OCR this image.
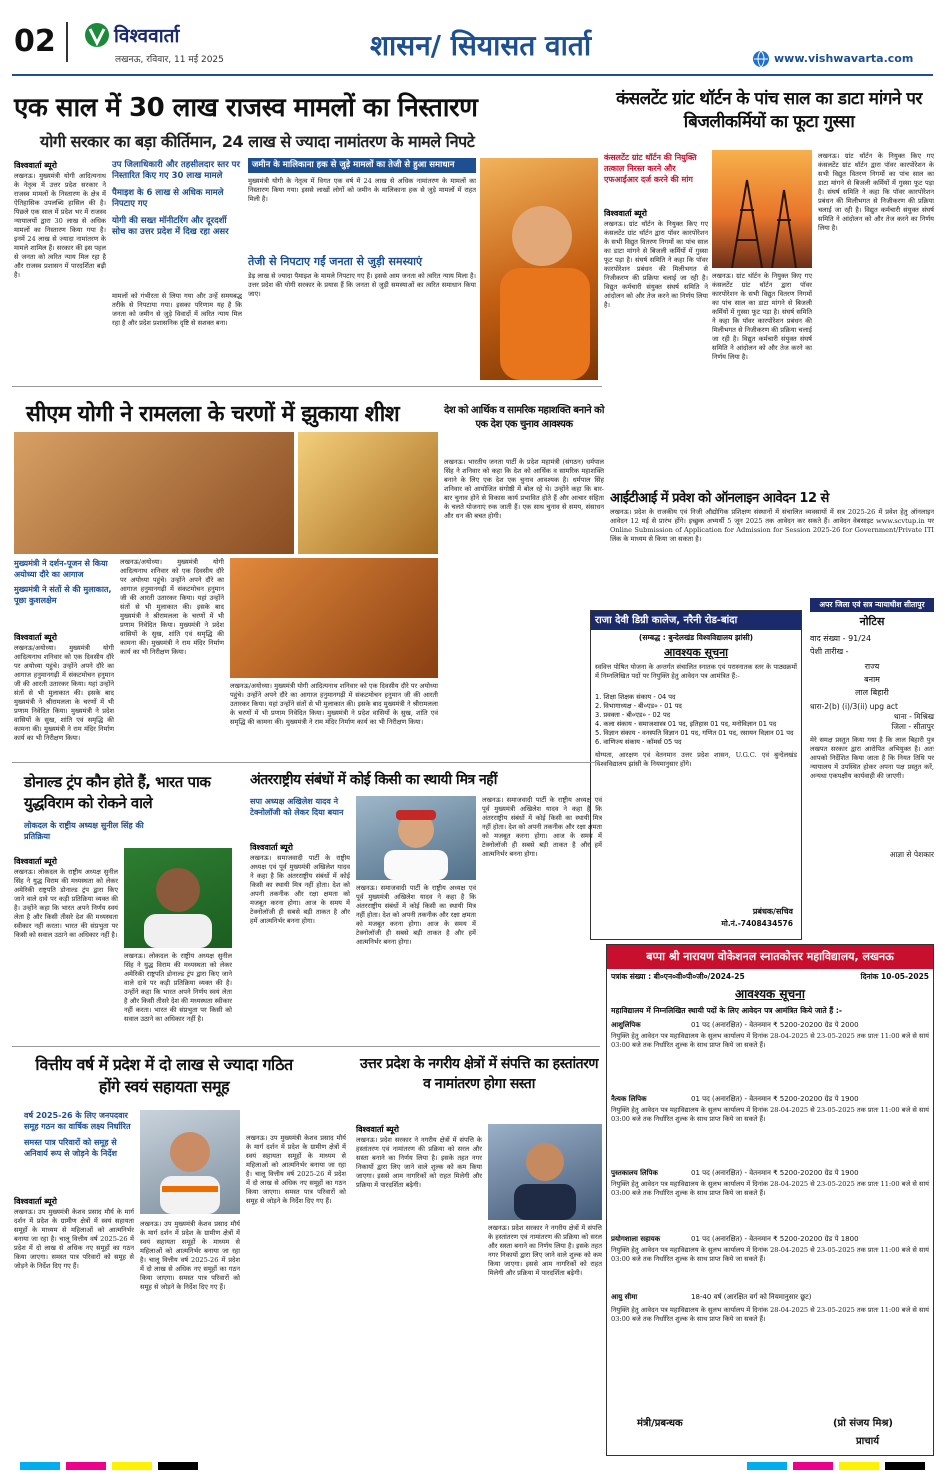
02	विश्ववार्ता
लखनऊ, रविवार, 11 मई 2025	शासन/ सियासत वार्ता	www.vishwavarta.com
एक साल में 30 लाख राजस्व मामलों का निस्तारण
योगी सरकार का बड़ा कीर्तिमान, 24 लाख से ज्यादा नामांतरण के मामले निपटे
विश्ववार्ता ब्यूरो
लखनऊ। मुख्यमंत्री योगी आदित्यनाथ के नेतृत्व में उत्तर प्रदेश सरकार ने राजस्व मामलों के निस्तारण के क्षेत्र में ऐतिहासिक उपलब्धि हासिल की है। पिछले एक साल में प्रदेश भर में राजस्व न्यायालयों द्वारा 30 लाख से अधिक मामलों का निस्तारण किया गया है। इनमें 24 लाख से ज्यादा नामांतरण के मामले शामिल हैं। सरकार की इस पहल से जनता को त्वरित न्याय मिल रहा है और राजस्व प्रशासन में पारदर्शिता बढ़ी है।
उप जिलाधिकारी और तहसीलदार स्तर पर निस्तारित किए गए 30 लाख मामले
पैमाइश के 6 लाख से अधिक मामले निपटाए गए
योगी की सख्त मॉनीटरिंग और दूरदर्शी सोच का उत्तर प्रदेश में दिख रहा असर
मामलों को गंभीरता से लिया गया और उन्हें समयबद्ध तरीके से निपटाया गया। इसका परिणाम यह है कि जनता को जमीन से जुड़े विवादों में त्वरित न्याय मिल रहा है और प्रदेश प्रशासनिक दृष्टि से सशक्त बना।
जमीन के मालिकाना हक से जुड़े मामलों का तेजी से हुआ समाधान
मुख्यमंत्री योगी के नेतृत्व में विगत एक वर्ष में 24 लाख से अधिक नामांतरण के मामलों का निस्तारण किया गया। इससे लाखों लोगों को जमीन के मालिकाना हक से जुड़े मामलों में राहत मिली है।
तेजी से निपटाए गईं जनता से जुड़ी समस्याएं
डेढ़ लाख से ज्यादा पैमाइश के मामले निपटाए गए हैं। इससे आम जनता को त्वरित न्याय मिला है। उत्तर प्रदेश की योगी सरकार के प्रयास हैं कि जनता से जुड़ी समस्याओं का त्वरित समाधान किया जाए।
कंसलटेंट ग्रांट थॉर्टन के पांच साल का डाटा मांगने पर बिजलीकर्मियों का फूटा गुस्सा
कंसलटेंट ग्रांट थॉर्टन की नियुक्ति तत्काल निरस्त करने और एफआईआर दर्ज करने की मांग
विश्ववार्ता ब्यूरो
लखनऊ। ग्रांट थॉर्टन के नियुक्त किए गए कंसलटेंट ग्रांट थॉर्टन द्वारा पॉवर कारपोरेशन के सभी विद्युत वितरण निगमों का पांच साल का डाटा मांगने से बिजली कर्मियों में गुस्सा फूट पड़ा है। संघर्ष समिति ने कहा कि पॉवर कारपोरेशन प्रबंधन की मिलीभगत से निजीकरण की प्रक्रिया चलाई जा रही है। विद्युत कर्मचारी संयुक्त संघर्ष समिति ने आंदोलन को और तेज करने का निर्णय लिया है।
लखनऊ। ग्रांट थॉर्टन के नियुक्त किए गए कंसलटेंट ग्रांट थॉर्टन द्वारा पॉवर कारपोरेशन के सभी विद्युत वितरण निगमों का पांच साल का डाटा मांगने से बिजली कर्मियों में गुस्सा फूट पड़ा है। संघर्ष समिति ने कहा कि पॉवर कारपोरेशन प्रबंधन की मिलीभगत से निजीकरण की प्रक्रिया चलाई जा रही है। विद्युत कर्मचारी संयुक्त संघर्ष समिति ने आंदोलन को और तेज करने का निर्णय लिया है।
लखनऊ। ग्रांट थॉर्टन के नियुक्त किए गए कंसलटेंट ग्रांट थॉर्टन द्वारा पॉवर कारपोरेशन के सभी विद्युत वितरण निगमों का पांच साल का डाटा मांगने से बिजली कर्मियों में गुस्सा फूट पड़ा है। संघर्ष समिति ने कहा कि पॉवर कारपोरेशन प्रबंधन की मिलीभगत से निजीकरण की प्रक्रिया चलाई जा रही है। विद्युत कर्मचारी संयुक्त संघर्ष समिति ने आंदोलन को और तेज करने का निर्णय लिया है।
सीएम योगी ने रामलला के चरणों में झुकाया शीश
मुख्यमंत्री ने दर्शन-पूजन से किया अयोध्या दौरे का आगाज
मुख्यमंत्री ने संतों से की मुलाकात, पूछा कुशलक्षेम
विश्ववार्ता ब्यूरो
लखनऊ/अयोध्या। मुख्यमंत्री योगी आदित्यनाथ शनिवार को एक दिवसीय दौरे पर अयोध्या पहुंचे। उन्होंने अपने दौरे का आगाज हनुमानगढ़ी में संकटमोचन हनुमान जी की आरती उतारकर किया। यहां उन्होंने संतों से भी मुलाकात की। इसके बाद मुख्यमंत्री ने श्रीरामलला के चरणों में भी प्रणाम निवेदित किया। मुख्यमंत्री ने प्रदेश वासियों के सुख, शांति एवं समृद्धि की कामना की। मुख्यमंत्री ने राम मंदिर निर्माण कार्य का भी निरीक्षण किया।
लखनऊ/अयोध्या। मुख्यमंत्री योगी आदित्यनाथ शनिवार को एक दिवसीय दौरे पर अयोध्या पहुंचे। उन्होंने अपने दौरे का आगाज हनुमानगढ़ी में संकटमोचन हनुमान जी की आरती उतारकर किया। यहां उन्होंने संतों से भी मुलाकात की। इसके बाद मुख्यमंत्री ने श्रीरामलला के चरणों में भी प्रणाम निवेदित किया। मुख्यमंत्री ने प्रदेश वासियों के सुख, शांति एवं समृद्धि की कामना की। मुख्यमंत्री ने राम मंदिर निर्माण कार्य का भी निरीक्षण किया।
लखनऊ/अयोध्या। मुख्यमंत्री योगी आदित्यनाथ शनिवार को एक दिवसीय दौरे पर अयोध्या पहुंचे। उन्होंने अपने दौरे का आगाज हनुमानगढ़ी में संकटमोचन हनुमान जी की आरती उतारकर किया। यहां उन्होंने संतों से भी मुलाकात की। इसके बाद मुख्यमंत्री ने श्रीरामलला के चरणों में भी प्रणाम निवेदित किया। मुख्यमंत्री ने प्रदेश वासियों के सुख, शांति एवं समृद्धि की कामना की। मुख्यमंत्री ने राम मंदिर निर्माण कार्य का भी निरीक्षण किया।
देश को आर्थिक व सामरिक महाशक्ति बनाने को एक देश एक चुनाव आवश्यक
लखनऊ। भारतीय जनता पार्टी के प्रदेश महामंत्री (संगठन) धर्मपाल सिंह ने शनिवार को कहा कि देश को आर्थिक व सामरिक महाशक्ति बनाने के लिए एक देश एक चुनाव आवश्यक है। धर्मपाल सिंह शनिवार को आयोजित संगोष्ठी में बोल रहे थे। उन्होंने कहा कि बार-बार चुनाव होने से विकास कार्य प्रभावित होते हैं और आचार संहिता के चलते योजनाएं रुक जाती हैं। एक साथ चुनाव से समय, संसाधन और धन की बचत होगी।
आईटीआई में प्रवेश को ऑनलाइन आवेदन 12 से
लखनऊ। प्रदेश के राजकीय एवं निजी औद्योगिक प्रशिक्षण संस्थानों में संचालित व्यवसायों में सत्र 2025-26 में प्रवेश हेतु ऑनलाइन आवेदन 12 मई से प्रारंभ होंगे। इच्छुक अभ्यर्थी 5 जून 2025 तक आवेदन कर सकते हैं। आवेदन वेबसाइट www.scvtup.in पर Online Submission of Application for Admission for Session 2025-26 for Government/Private ITI लिंक के माध्यम से किया जा सकता है।
अपर जिला एवं सत्र न्यायाधीश सीतापुर
नोटिस
वाद संख्या - 91/24
पेशी तारीख -
राज्य
बनाम
लाल बिहारी
धारा-2(b) (i)/3(ii) upg act
थाना - मिश्रिख
जिला - सीतापुर
मेरे समक्ष प्रस्तुत किया गया है कि लाल बिहारी पुत्र लखपत सरकार द्वारा आरोपित अभियुक्त है। अतः आपको निर्देशित किया जाता है कि नियत तिथि पर न्यायालय में उपस्थित होकर अपना पक्ष प्रस्तुत करें, अन्यथा एकपक्षीय कार्यवाही की जाएगी।
आज्ञा से पेशकार
राजा देवी डिग्री कालेज, नरैनी रोड-बांदा
(सम्बद्ध : बुन्देलखंड विश्वविद्यालय झांसी)
आवश्यक सूचना
स्ववित्त पोषित योजना के अन्तर्गत संचालित स्नातक एवं परास्नातक स्तर के पाठ्यक्रमों में निम्नलिखित पदों पर नियुक्ति हेतु आवेदन पत्र आमंत्रित हैं:-
1. शिक्षा शिक्षक संकाय - 04 पद
2. विभागाध्यक्ष - बी०एड० - 01 पद
3. प्रवक्ता - बी०एड० - 02 पद
4. कला संकाय - समाजशास्त्र 01 पद, इतिहास 01 पद, मनोविज्ञान 01 पद
5. विज्ञान संकाय - वनस्पति विज्ञान 01 पद, गणित 01 पद, रसायन विज्ञान 01 पद
6. वाणिज्य संकाय - कॉमर्स 05 पद
योग्यता, आरक्षण एवं वेतनमान उत्तर प्रदेश शासन, U.G.C. एवं बुन्देलखंड विश्वविद्यालय झांसी के नियमानुसार होंगे।
प्रबंधक/सचिव
मो.नं.-7408434576
डोनाल्ड ट्रंप कौन होते हैं, भारत पाक युद्धविराम को रोकने वाले
लोकदल के राष्ट्रीय अध्यक्ष सुनील सिंह की प्रतिक्रिया
विश्ववार्ता ब्यूरो
लखनऊ। लोकदल के राष्ट्रीय अध्यक्ष सुनील सिंह ने युद्ध विराम की मध्यस्थता को लेकर अमेरिकी राष्ट्रपति डोनाल्ड ट्रंप द्वारा किए जाने वाले दावे पर कड़ी प्रतिक्रिया व्यक्त की है। उन्होंने कहा कि भारत अपने निर्णय स्वयं लेता है और किसी तीसरे देश की मध्यस्थता स्वीकार नहीं करता। भारत की संप्रभुता पर किसी को सवाल उठाने का अधिकार नहीं है।
लखनऊ। लोकदल के राष्ट्रीय अध्यक्ष सुनील सिंह ने युद्ध विराम की मध्यस्थता को लेकर अमेरिकी राष्ट्रपति डोनाल्ड ट्रंप द्वारा किए जाने वाले दावे पर कड़ी प्रतिक्रिया व्यक्त की है। उन्होंने कहा कि भारत अपने निर्णय स्वयं लेता है और किसी तीसरे देश की मध्यस्थता स्वीकार नहीं करता। भारत की संप्रभुता पर किसी को सवाल उठाने का अधिकार नहीं है।
अंतरराष्ट्रीय संबंधों में कोई किसी का स्थायी मित्र नहीं
सपा अध्यक्ष अखिलेश यादव ने टेक्नोलॉजी को लेकर दिया बयान
विश्ववार्ता ब्यूरो
लखनऊ। समाजवादी पार्टी के राष्ट्रीय अध्यक्ष एवं पूर्व मुख्यमंत्री अखिलेश यादव ने कहा है कि अंतरराष्ट्रीय संबंधों में कोई किसी का स्थायी मित्र नहीं होता। देश को अपनी तकनीक और रक्षा क्षमता को मजबूत करना होगा। आज के समय में टेक्नोलॉजी ही सबसे बड़ी ताकत है और हमें आत्मनिर्भर बनना होगा।
लखनऊ। समाजवादी पार्टी के राष्ट्रीय अध्यक्ष एवं पूर्व मुख्यमंत्री अखिलेश यादव ने कहा है कि अंतरराष्ट्रीय संबंधों में कोई किसी का स्थायी मित्र नहीं होता। देश को अपनी तकनीक और रक्षा क्षमता को मजबूत करना होगा। आज के समय में टेक्नोलॉजी ही सबसे बड़ी ताकत है और हमें आत्मनिर्भर बनना होगा।
लखनऊ। समाजवादी पार्टी के राष्ट्रीय अध्यक्ष एवं पूर्व मुख्यमंत्री अखिलेश यादव ने कहा है कि अंतरराष्ट्रीय संबंधों में कोई किसी का स्थायी मित्र नहीं होता। देश को अपनी तकनीक और रक्षा क्षमता को मजबूत करना होगा। आज के समय में टेक्नोलॉजी ही सबसे बड़ी ताकत है और हमें आत्मनिर्भर बनना होगा।
वित्तीय वर्ष में प्रदेश में दो लाख से ज्यादा गठित होंगे स्वयं सहायता समूह
वर्ष 2025-26 के लिए जनपदवार समूह गठन का वार्षिक लक्ष्य निर्धारित
समस्त पात्र परिवारों को समूह से अनिवार्य रूप से जोड़ने के निर्देश
विश्ववार्ता ब्यूरो
लखनऊ। उप मुख्यमंत्री केशव प्रसाद मौर्य के मार्ग दर्शन में प्रदेश के ग्रामीण क्षेत्रों में स्वयं सहायता समूहों के माध्यम से महिलाओं को आत्मनिर्भर बनाया जा रहा है। चालू वित्तीय वर्ष 2025-26 में प्रदेश में दो लाख से अधिक नए समूहों का गठन किया जाएगा। समस्त पात्र परिवारों को समूह से जोड़ने के निर्देश दिए गए हैं।
लखनऊ। उप मुख्यमंत्री केशव प्रसाद मौर्य के मार्ग दर्शन में प्रदेश के ग्रामीण क्षेत्रों में स्वयं सहायता समूहों के माध्यम से महिलाओं को आत्मनिर्भर बनाया जा रहा है। चालू वित्तीय वर्ष 2025-26 में प्रदेश में दो लाख से अधिक नए समूहों का गठन किया जाएगा। समस्त पात्र परिवारों को समूह से जोड़ने के निर्देश दिए गए हैं।
लखनऊ। उप मुख्यमंत्री केशव प्रसाद मौर्य के मार्ग दर्शन में प्रदेश के ग्रामीण क्षेत्रों में स्वयं सहायता समूहों के माध्यम से महिलाओं को आत्मनिर्भर बनाया जा रहा है। चालू वित्तीय वर्ष 2025-26 में प्रदेश में दो लाख से अधिक नए समूहों का गठन किया जाएगा। समस्त पात्र परिवारों को समूह से जोड़ने के निर्देश दिए गए हैं।
उत्तर प्रदेश के नगरीय क्षेत्रों में संपत्ति का हस्तांतरण व नामांतरण होगा सस्ता
विश्ववार्ता ब्यूरो
लखनऊ। प्रदेश सरकार ने नगरीय क्षेत्रों में संपत्ति के हस्तांतरण एवं नामांतरण की प्रक्रिया को सरल और सस्ता बनाने का निर्णय लिया है। इसके तहत नगर निकायों द्वारा लिए जाने वाले शुल्क को कम किया जाएगा। इससे आम नागरिकों को राहत मिलेगी और प्रक्रिया में पारदर्शिता बढ़ेगी।
लखनऊ। प्रदेश सरकार ने नगरीय क्षेत्रों में संपत्ति के हस्तांतरण एवं नामांतरण की प्रक्रिया को सरल और सस्ता बनाने का निर्णय लिया है। इसके तहत नगर निकायों द्वारा लिए जाने वाले शुल्क को कम किया जाएगा। इससे आम नागरिकों को राहत मिलेगी और प्रक्रिया में पारदर्शिता बढ़ेगी।
बप्पा श्री नारायण वोकेशनल स्नातकोत्तर महाविद्यालय, लखनऊ
पत्रांक संख्या : बी०एन०वी०पी०जी०/2024-25	दिनांक 10-05-2025
आवश्यक सूचना
महाविद्यालय में निम्नलिखित स्थायी पदों के लिए आवेदन पत्र आमंत्रित किये जाते हैं :-
आशुलिपिक	01 पद (अनारक्षित) - वेतनमान ₹ 5200-20200 ग्रेड पे 2000
नियुक्ति हेतु आवेदन पत्र महाविद्यालय के सुलभ कार्यालय में दिनांक 28-04-2025 से 23-05-2025 तक प्रातः 11:00 बजे से सायं 03:00 बजे तक निर्धारित शुल्क के साथ प्राप्त किये जा सकते हैं।
नैत्यक लिपिक	01 पद (अनारक्षित) - वेतनमान ₹ 5200-20200 ग्रेड पे 1900
नियुक्ति हेतु आवेदन पत्र महाविद्यालय के सुलभ कार्यालय में दिनांक 28-04-2025 से 23-05-2025 तक प्रातः 11:00 बजे से सायं 03:00 बजे तक निर्धारित शुल्क के साथ प्राप्त किये जा सकते हैं।
पुस्तकालय लिपिक	01 पद (अनारक्षित) - वेतनमान ₹ 5200-20200 ग्रेड पे 1900
नियुक्ति हेतु आवेदन पत्र महाविद्यालय के सुलभ कार्यालय में दिनांक 28-04-2025 से 23-05-2025 तक प्रातः 11:00 बजे से सायं 03:00 बजे तक निर्धारित शुल्क के साथ प्राप्त किये जा सकते हैं।
प्रयोगशाला सहायक	01 पद (अनारक्षित) - वेतनमान ₹ 5200-20200 ग्रेड पे 1800
नियुक्ति हेतु आवेदन पत्र महाविद्यालय के सुलभ कार्यालय में दिनांक 28-04-2025 से 23-05-2025 तक प्रातः 11:00 बजे से सायं 03:00 बजे तक निर्धारित शुल्क के साथ प्राप्त किये जा सकते हैं।
आयु सीमा	18-40 वर्ष (आरक्षित वर्ग को नियमानुसार छूट)
नियुक्ति हेतु आवेदन पत्र महाविद्यालय के सुलभ कार्यालय में दिनांक 28-04-2025 से 23-05-2025 तक प्रातः 11:00 बजे से सायं 03:00 बजे तक निर्धारित शुल्क के साथ प्राप्त किये जा सकते हैं।
मंत्री/प्रबन्धक	(प्रो संजय मिश्र)
प्राचार्य
